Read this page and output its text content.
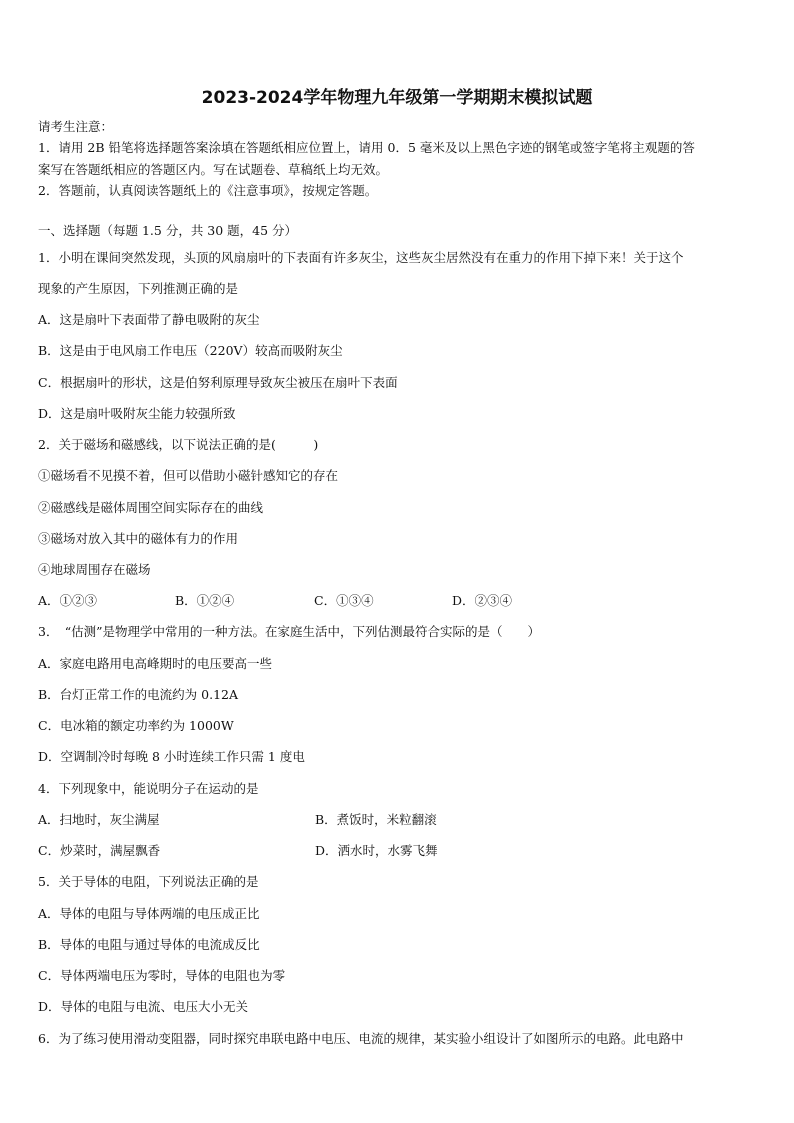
2023-2024学年物理九年级第一学期期末模拟试题
请考生注意：
1．请用 2B 铅笔将选择题答案涂填在答题纸相应位置上，请用 0．5 毫米及以上黑色字迹的钢笔或签字笔将主观题的答
案写在答题纸相应的答题区内。写在试题卷、草稿纸上均无效。
2．答题前，认真阅读答题纸上的《注意事项》，按规定答题。
一、选择题（每题 1.5 分，共 30 题，45 分）
1．小明在课间突然发现，头顶的风扇扇叶的下表面有许多灰尘，这些灰尘居然没有在重力的作用下掉下来！关于这个
现象的产生原因，下列推测正确的是
A．这是扇叶下表面带了静电吸附的灰尘
B．这是由于电风扇工作电压（220V）较高而吸附灰尘
C．根据扇叶的形状，这是伯努利原理导致灰尘被压在扇叶下表面
D．这是扇叶吸附灰尘能力较强所致
2．关于磁场和磁感线，以下说法正确的是(　　　)
①磁场看不见摸不着，但可以借助小磁针感知它的存在
②磁感线是磁体周围空间实际存在的曲线
③磁场对放入其中的磁体有力的作用
④地球周围存在磁场
A．①②③	B．①②④	C．①③④	D．②③④
3．　“估测”是物理学中常用的一种方法。在家庭生活中，下列估测最符合实际的是（　　）
A．家庭电路用电高峰期时的电压要高一些
B．台灯正常工作的电流约为 0.12A
C．电冰箱的额定功率约为 1000W
D．空调制冷时每晚 8 小时连续工作只需 1 度电
4．下列现象中，能说明分子在运动的是
A．扫地时，灰尘满屋	B．煮饭时，米粒翻滚
C．炒菜时，满屋飘香	D．洒水时，水雾飞舞
5．关于导体的电阻，下列说法正确的是
A．导体的电阻与导体两端的电压成正比
B．导体的电阻与通过导体的电流成反比
C．导体两端电压为零时，导体的电阻也为零
D．导体的电阻与电流、电压大小无关
6．为了练习使用滑动变阻器，同时探究串联电路中电压、电流的规律，某实验小组设计了如图所示的电路。此电路中
